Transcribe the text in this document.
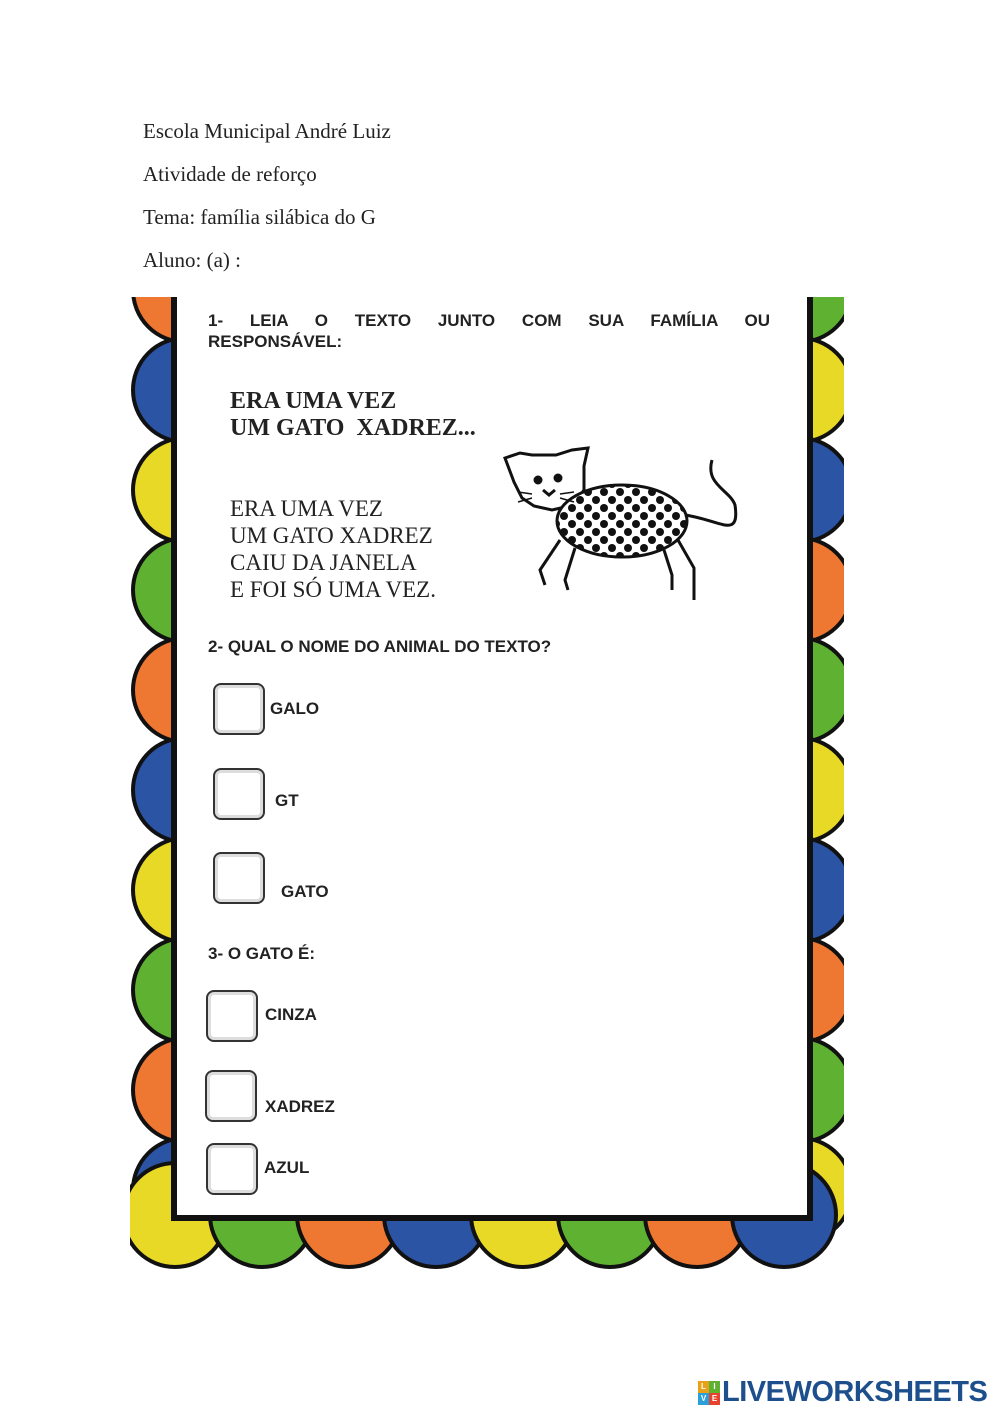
Escola Municipal André Luiz
Atividade de reforço
Tema: família silábica do G
Aluno: (a) :
1- LEIA O TEXTO JUNTO COM SUA FAMÍLIA OU
RESPONSÁVEL:
ERA UMA VEZ
UM GATO  XADREZ...
ERA UMA VEZ
UM GATO XADREZ
CAIU DA JANELA
E FOI SÓ UMA VEZ.
2- QUAL O NOME DO ANIMAL DO TEXTO?
GALO
GT
GATO
3- O GATO É:
CINZA
XADREZ
AZUL
L I
V E LIVEWORKSHEETS
